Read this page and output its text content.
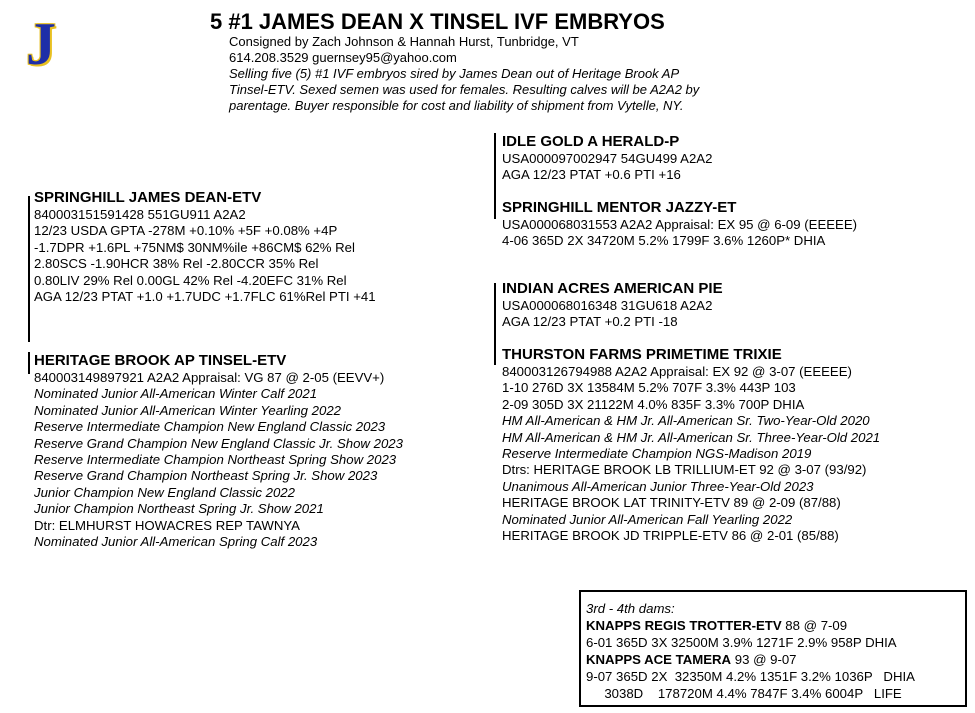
J	5 #1 JAMES DEAN X TINSEL IVF EMBRYOS
Consigned by Zach Johnson & Hannah Hurst, Tunbridge, VT
614.208.3529 guernsey95@yahoo.com
Selling five (5) #1 IVF embryos sired by James Dean out of Heritage Brook AP
Tinsel-ETV. Sexed semen was used for females. Resulting calves will be A2A2 by
parentage. Buyer responsible for cost and liability of shipment from Vytelle, NY.
SPRINGHILL JAMES DEAN-ETV
840003151591428 551GU911 A2A2
12/23 USDA GPTA -278M +0.10% +5F +0.08% +4P
-1.7DPR +1.6PL +75NM$ 30NM%ile +86CM$ 62% Rel
2.80SCS -1.90HCR 38% Rel -2.80CCR 35% Rel
0.80LIV 29% Rel 0.00GL 42% Rel -4.20EFC 31% Rel
AGA 12/23 PTAT +1.0 +1.7UDC +1.7FLC 61%Rel PTI +41
HERITAGE BROOK AP TINSEL-ETV
840003149897921 A2A2 Appraisal: VG 87 @ 2-05 (EEVV+)
Nominated Junior All-American Winter Calf 2021
Nominated Junior All-American Winter Yearling 2022
Reserve Intermediate Champion New England Classic 2023
Reserve Grand Champion New England Classic Jr. Show 2023
Reserve Intermediate Champion Northeast Spring Show 2023
Reserve Grand Champion Northeast Spring Jr. Show 2023
Junior Champion New England Classic 2022
Junior Champion Northeast Spring Jr. Show 2021
Dtr: ELMHURST HOWACRES REP TAWNYA
Nominated Junior All-American Spring Calf 2023
IDLE GOLD A HERALD-P
USA000097002947 54GU499 A2A2
AGA 12/23 PTAT +0.6 PTI +16
SPRINGHILL MENTOR JAZZY-ET
USA000068031553 A2A2 Appraisal: EX 95 @ 6-09 (EEEEE)
4-06 365D 2X 34720M 5.2% 1799F 3.6% 1260P* DHIA
INDIAN ACRES AMERICAN PIE
USA000068016348 31GU618 A2A2
AGA 12/23 PTAT +0.2 PTI -18
THURSTON FARMS PRIMETIME TRIXIE
840003126794988 A2A2 Appraisal: EX 92 @ 3-07 (EEEEE)
1-10 276D 3X 13584M 5.2% 707F 3.3% 443P 103
2-09 305D 3X 21122M 4.0% 835F 3.3% 700P DHIA
HM All-American & HM Jr. All-American Sr. Two-Year-Old 2020
HM All-American & HM Jr. All-American Sr. Three-Year-Old 2021
Reserve Intermediate Champion NGS-Madison 2019
Dtrs: HERITAGE BROOK LB TRILLIUM-ET 92 @ 3-07 (93/92)
Unanimous All-American Junior Three-Year-Old 2023
HERITAGE BROOK LAT TRINITY-ETV 89 @ 2-09 (87/88)
Nominated Junior All-American Fall Yearling 2022
HERITAGE BROOK JD TRIPPLE-ETV 86 @ 2-01 (85/88)
3rd - 4th dams:
KNAPPS REGIS TROTTER-ETV 88 @ 7-09
6-01 365D 3X 32500M 3.9% 1271F 2.9% 958P DHIA
KNAPPS ACE TAMERA 93 @ 9-07
9-07 365D 2X  32350M 4.2% 1351F 3.2% 1036P   DHIA
3038D    178720M 4.4% 7847F 3.4% 6004P   LIFE
